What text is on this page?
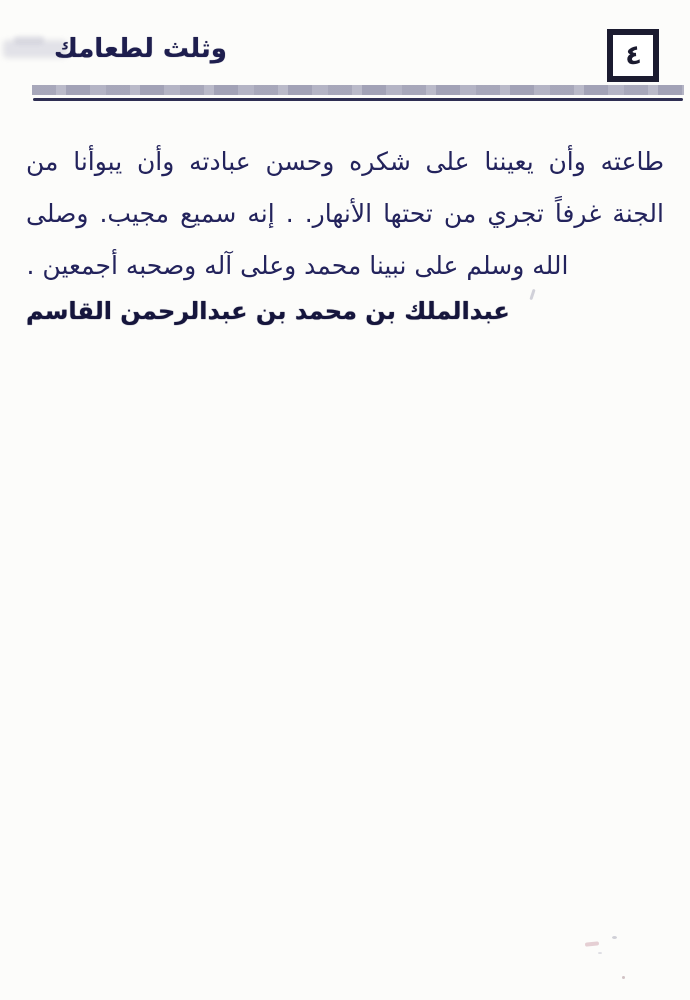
وثلث لطعامك	٤
طاعته وأن يعيننا على شكره وحسن عبادته وأن يبوأنا من
الجنة غرفاً تجري من تحتها الأنهار. . إنه سميع مجيب. وصلى
الله وسلم على نبينا محمد وعلى آله وصحبه أجمعين .
عبدالملك بن محمد بن عبدالرحمن القاسم
